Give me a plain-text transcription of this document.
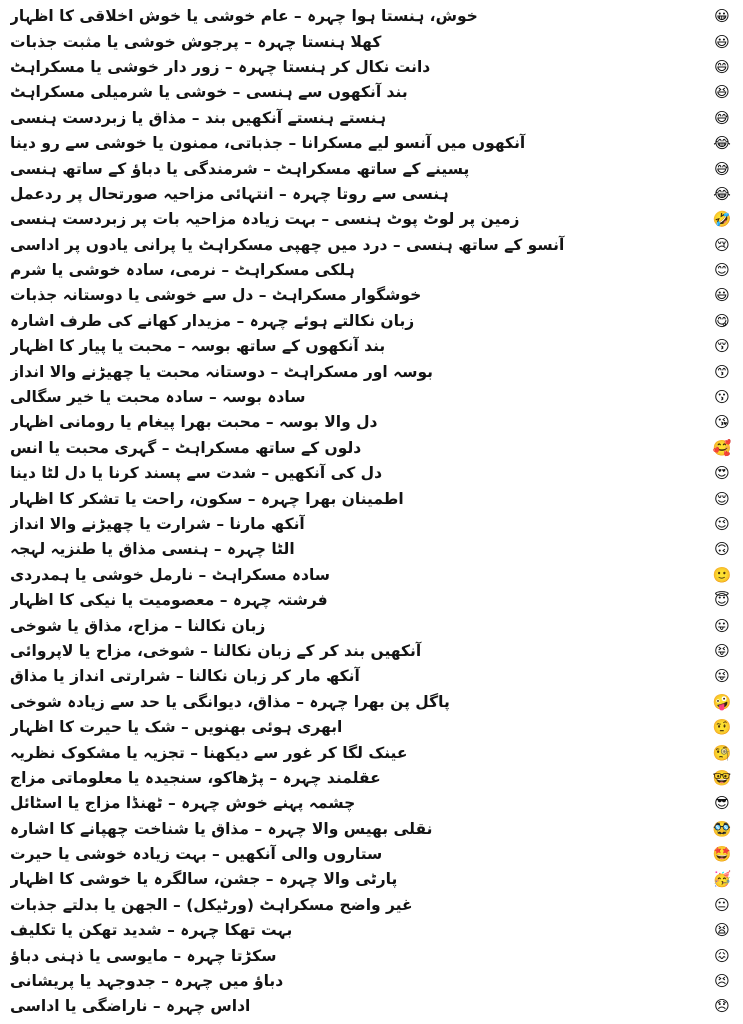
😀
خوش، ہنستا ہوا چہرہ – عام خوشی یا خوش اخلاقی کا اظہار
😃
کھلا ہنستا چہرہ – پرجوش خوشی یا مثبت جذبات
😄
دانت نکال کر ہنستا چہرہ – زور دار خوشی یا مسکراہٹ
😆
بند آنکھوں سے ہنسی – خوشی یا شرمیلی مسکراہٹ
😅
ہنستے ہنستے آنکھیں بند – مذاق یا زبردست ہنسی
😂
آنکھوں میں آنسو لیے مسکرانا – جذباتی، ممنون یا خوشی سے رو دینا
😅
پسینے کے ساتھ مسکراہٹ – شرمندگی یا دباؤ کے ساتھ ہنسی
😂
ہنسی سے روتا چہرہ – انتہائی مزاحیہ صورتحال پر ردعمل
🤣
زمین پر لوٹ پوٹ ہنسی – بہت زیادہ مزاحیہ بات پر زبردست ہنسی
😢
آنسو کے ساتھ ہنسی – درد میں چھپی مسکراہٹ یا پرانی یادوں پر اداسی
😊
ہلکی مسکراہٹ – نرمی، سادہ خوشی یا شرم
😃
خوشگوار مسکراہٹ – دل سے خوشی یا دوستانہ جذبات
😋
زبان نکالتے ہوئے چہرہ – مزیدار کھانے کی طرف اشارہ
😚
بند آنکھوں کے ساتھ بوسہ – محبت یا پیار کا اظہار
😙
بوسہ اور مسکراہٹ – دوستانہ محبت یا چھیڑنے والا انداز
😗
سادہ بوسہ – سادہ محبت یا خیر سگالی
😘
دل والا بوسہ – محبت بھرا پیغام یا رومانی اظہار
🥰
دلوں کے ساتھ مسکراہٹ – گہری محبت یا انس
😍
دل کی آنکھیں – شدت سے پسند کرنا یا دل لٹا دینا
😌
اطمینان بھرا چہرہ – سکون، راحت یا تشکر کا اظہار
😉
آنکھ مارنا – شرارت یا چھیڑنے والا انداز
🙃
الٹا چہرہ – ہنسی مذاق یا طنزیہ لہجہ
🙂
سادہ مسکراہٹ – نارمل خوشی یا ہمدردی
😇
فرشتہ چہرہ – معصومیت یا نیکی کا اظہار
😛
زبان نکالنا – مزاح، مذاق یا شوخی
😝
آنکھیں بند کر کے زبان نکالنا – شوخی، مزاح یا لاپروائی
😜
آنکھ مار کر زبان نکالنا – شرارتی انداز یا مذاق
🤪
پاگل پن بھرا چہرہ – مذاق، دیوانگی یا حد سے زیادہ شوخی
🤨
ابھری ہوئی بھنویں – شک یا حیرت کا اظہار
🧐
عینک لگا کر غور سے دیکھنا – تجزیہ یا مشکوک نظریہ
🤓
عقلمند چہرہ – پڑھاکو، سنجیدہ یا معلوماتی مزاج
😎
چشمہ پہنے خوش چہرہ – ٹھنڈا مزاج یا اسٹائل
🥸
نقلی بھیس والا چہرہ – مذاق یا شناخت چھپانے کا اشارہ
🤩
ستاروں والی آنکھیں – بہت زیادہ خوشی یا حیرت
🥳
پارٹی والا چہرہ – جشن، سالگرہ یا خوشی کا اظہار
😐
غیر واضح مسکراہٹ (ورٹیکل) – الجھن یا بدلتے جذبات
😫
بہت تھکا چہرہ – شدید تھکن یا تکلیف
😖
سکڑتا چہرہ – مایوسی یا ذہنی دباؤ
😣
دباؤ میں چہرہ – جدوجہد یا پریشانی
😞
اداس چہرہ – ناراضگی یا اداسی
